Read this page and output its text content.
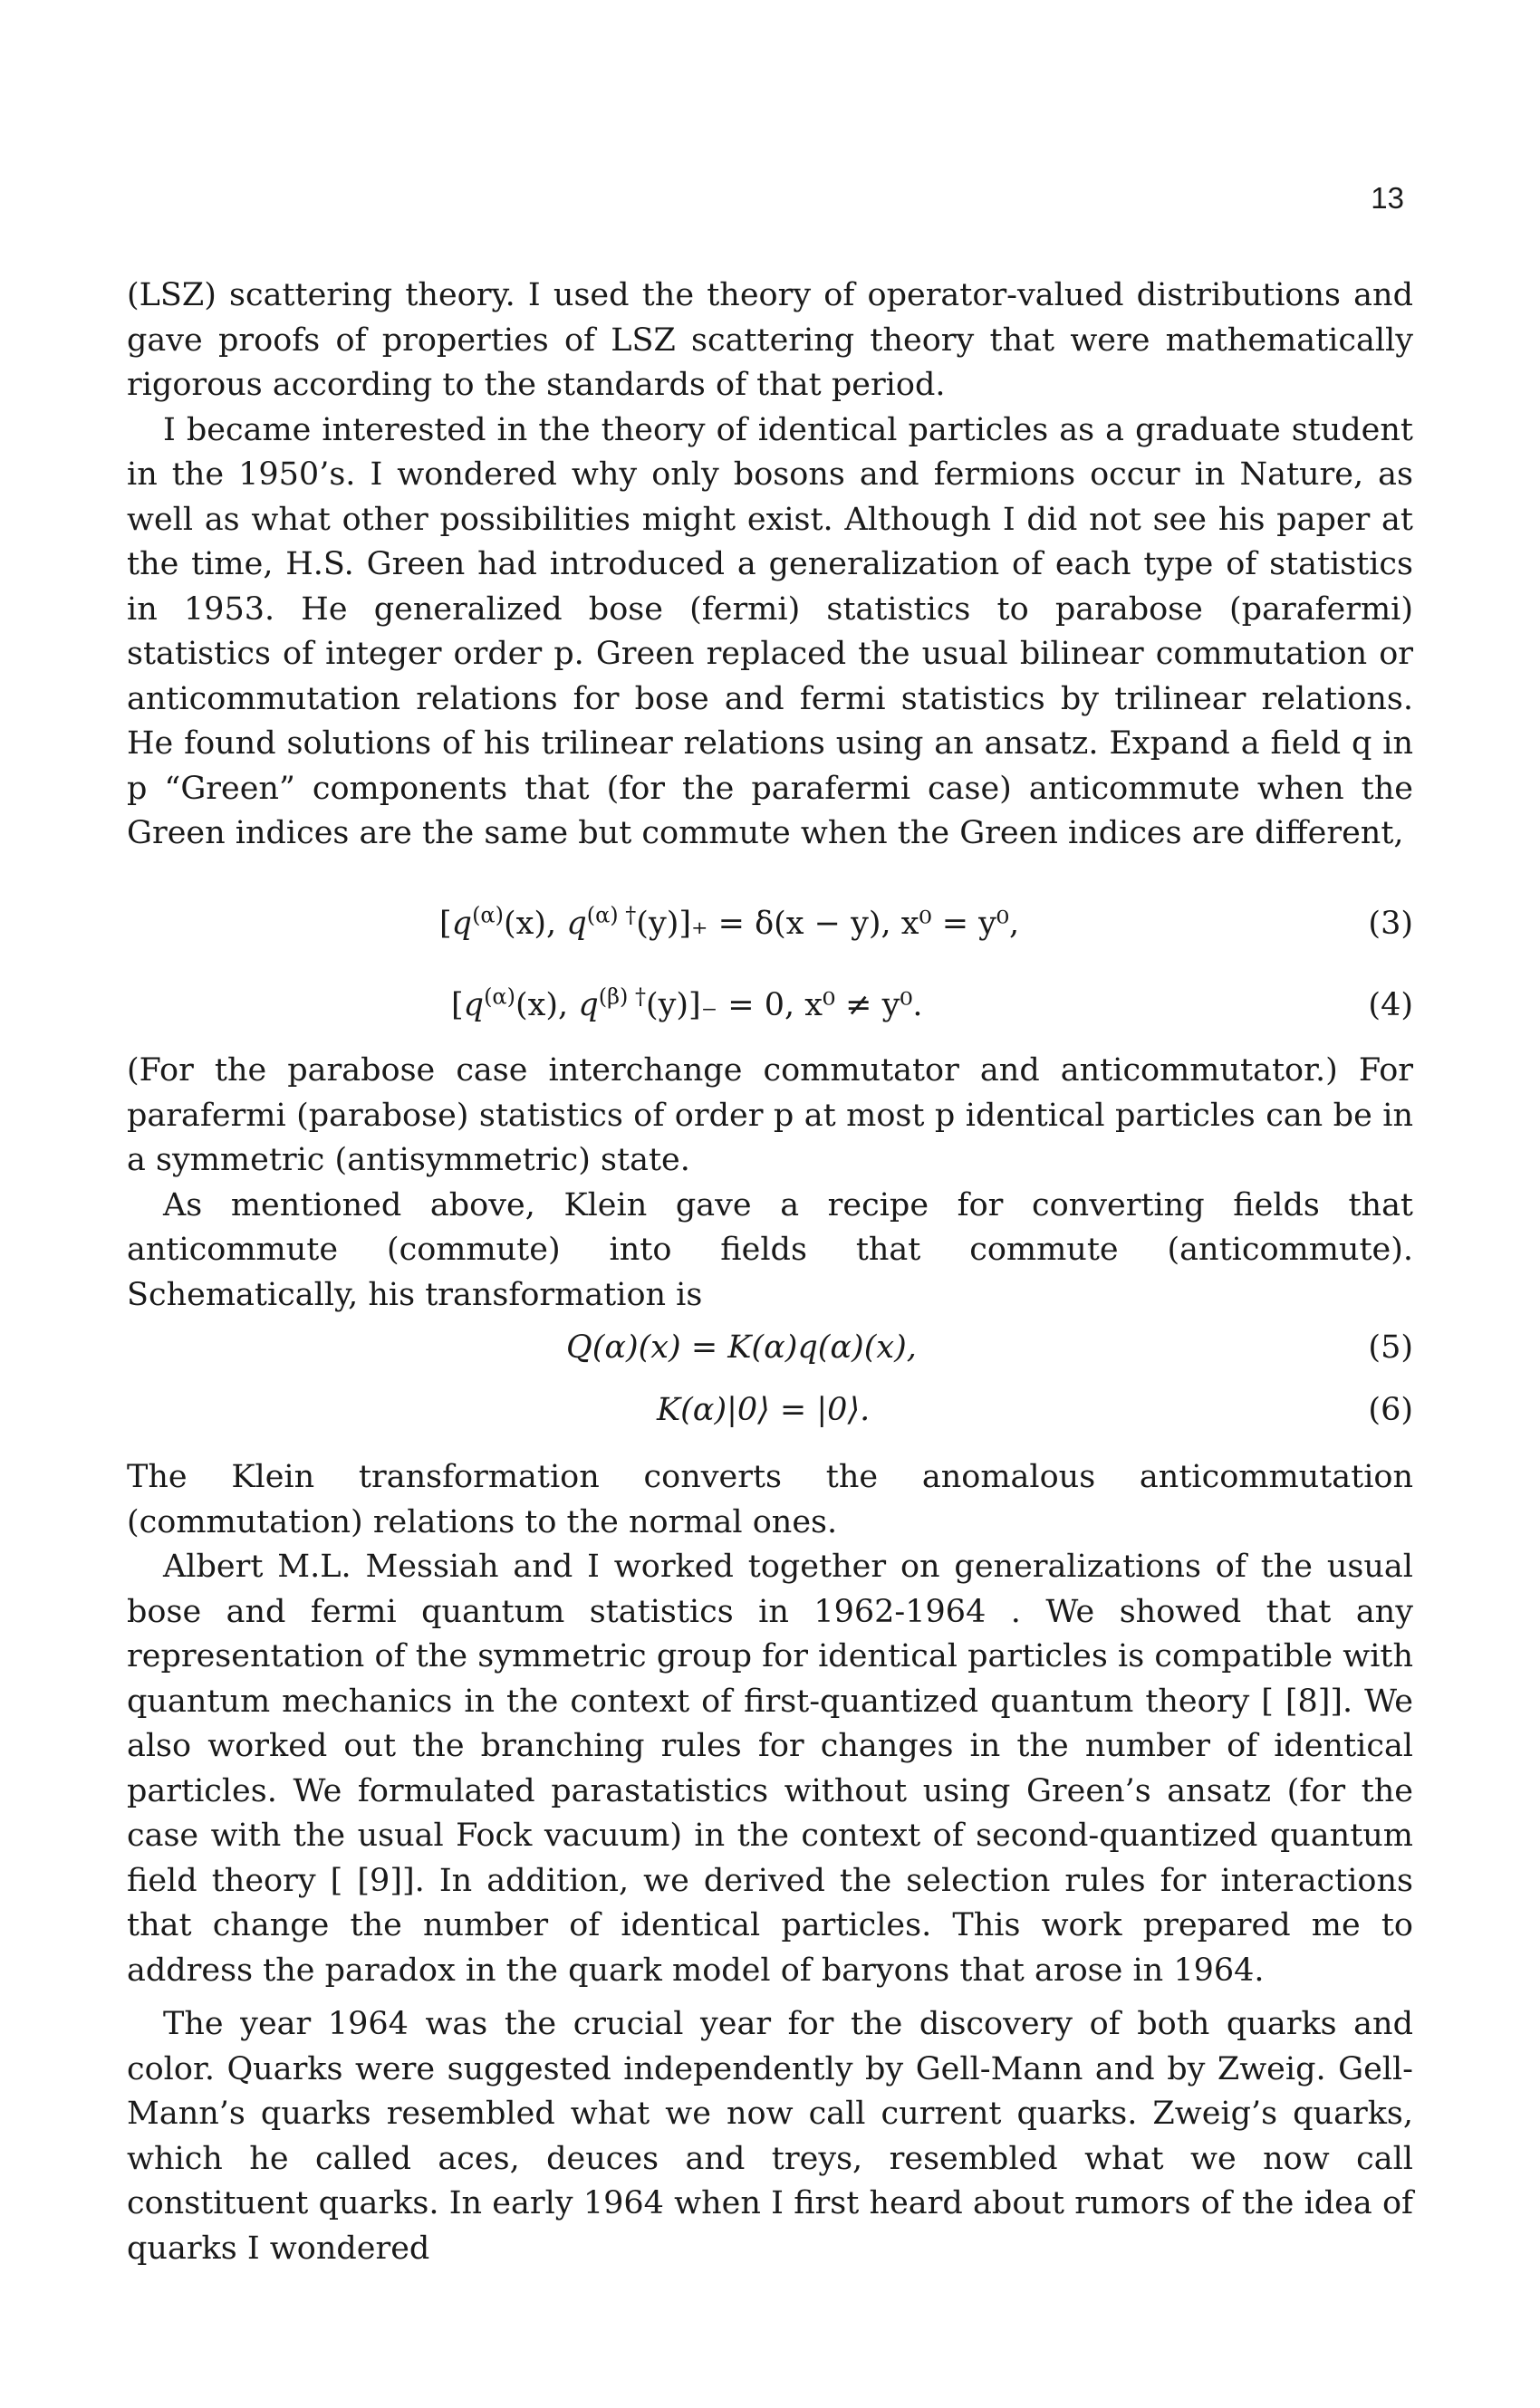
13

(LSZ) scattering theory. I used the theory of operator-valued distributions and gave proofs of properties of LSZ scattering theory that were mathematically rigorous according to the standards of that period.

I became interested in the theory of identical particles as a graduate student in the 1950’s. I wondered why only bosons and fermions occur in Nature, as well as what other possibilities might exist. Although I did not see his paper at the time, H.S. Green had introduced a generalization of each type of statistics in 1953. He generalized bose (fermi) statistics to parabose (parafermi) statistics of integer order p. Green replaced the usual bilinear commutation or anticommutation relations for bose and fermi statistics by trilinear relations. He found solutions of his trilinear relations using an ansatz. Expand a field q in p “Green” components that (for the parafermi case) anticommute when the Green indices are the same but commute when the Green indices are different,

[$q^{(\alpha)}(x)$, $q^{(\alpha) \dagger}(y)]_+ = \delta(x - y)$, x⁰ = y⁰,	(3)
[$q^{(\alpha)}(x)$, $q^{(\beta) \dagger}(y)]_- = 0$, x⁰ ≠ y⁰.	(4)

(For the parabose case interchange commutator and anticommutator.) For parafermi (parabose) statistics of order p at most p identical particles can be in a symmetric (antisymmetric) state.

As mentioned above, Klein gave a recipe for converting fields that anticommute (commute) into fields that commute (anticommute). Schematically, his transformation is

Q(α)(x) = K(α)q(α)(x),	(5)
K(α)|0⟩ = |0⟩.	(6)

The Klein transformation converts the anomalous anticommutation (commutation) relations to the normal ones.

Albert M.L. Messiah and I worked together on generalizations of the usual bose and fermi quantum statistics in 1962-1964 . We showed that any representation of the symmetric group for identical particles is compatible with quantum mechanics in the context of first-quantized quantum theory [ [8]]. We also worked out the branching rules for changes in the number of identical particles. We formulated parastatistics without using Green’s ansatz (for the case with the usual Fock vacuum) in the context of second-quantized quantum field theory [ [9]]. In addition, we derived the selection rules for interactions that change the number of identical particles. This work prepared me to address the paradox in the quark model of baryons that arose in 1964.

The year 1964 was the crucial year for the discovery of both quarks and color. Quarks were suggested independently by Gell-Mann and by Zweig. Gell-Mann’s quarks resembled what we now call current quarks. Zweig’s quarks, which he called aces, deuces and treys, resembled what we now call constituent quarks. In early 1964 when I first heard about rumors of the idea of quarks I wondered
